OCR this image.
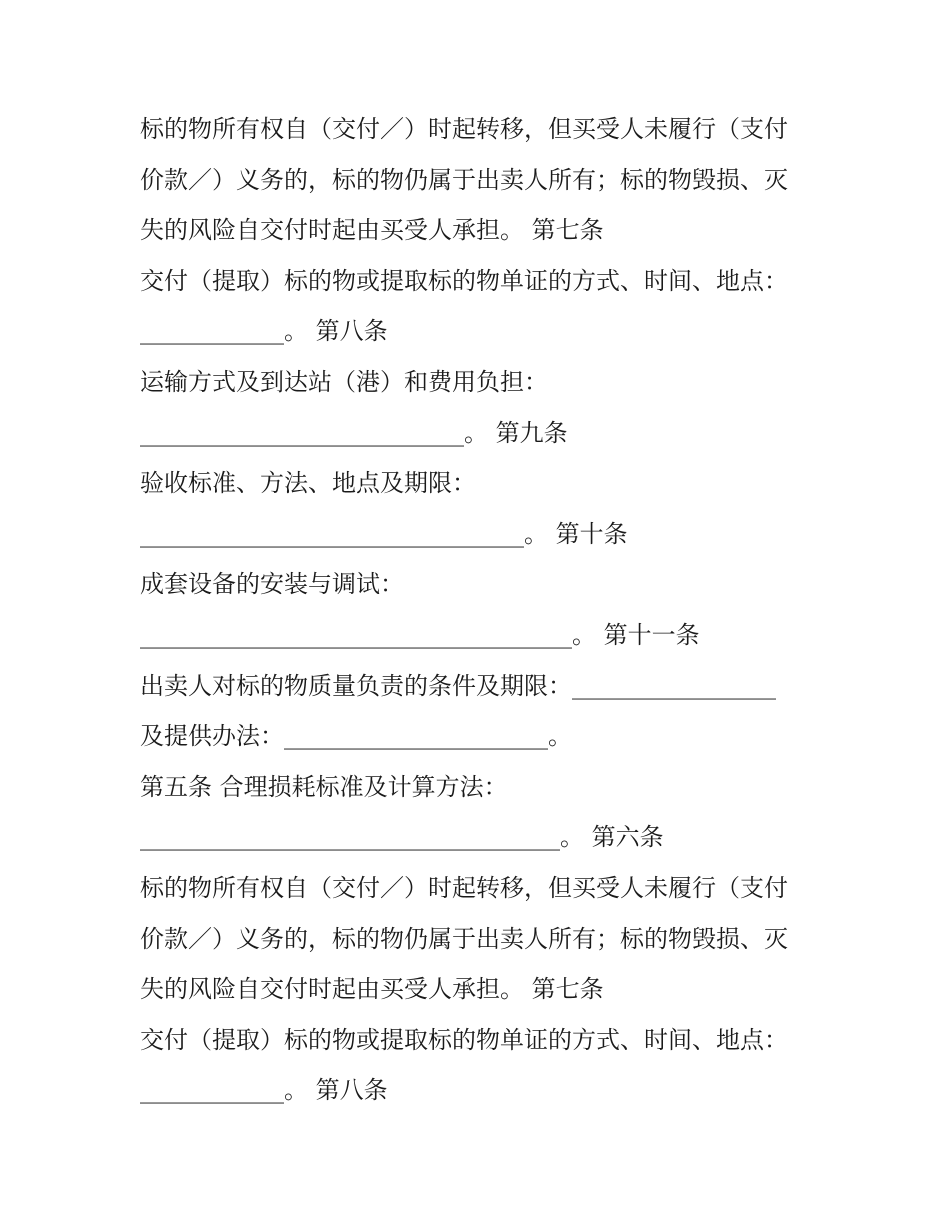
标的物所有权自（交付／）时起转移，但买受人未履行（支付
价款／）义务的，标的物仍属于出卖人所有；标的物毁损、灭
失的风险自交付时起由买受人承担。 第七条
交付（提取）标的物或提取标的物单证的方式、时间、地点：
____________。 第八条
运输方式及到达站（港）和费用负担：
___________________________。 第九条
验收标准、方法、地点及期限：
________________________________。 第十条
成套设备的安装与调试：
____________________________________。 第十一条
出卖人对标的物质量负责的条件及期限：_________________
及提供办法：______________________。
第五条 合理损耗标准及计算方法：
___________________________________。 第六条
标的物所有权自（交付／）时起转移，但买受人未履行（支付
价款／）义务的，标的物仍属于出卖人所有；标的物毁损、灭
失的风险自交付时起由买受人承担。 第七条
交付（提取）标的物或提取标的物单证的方式、时间、地点：
____________。 第八条
